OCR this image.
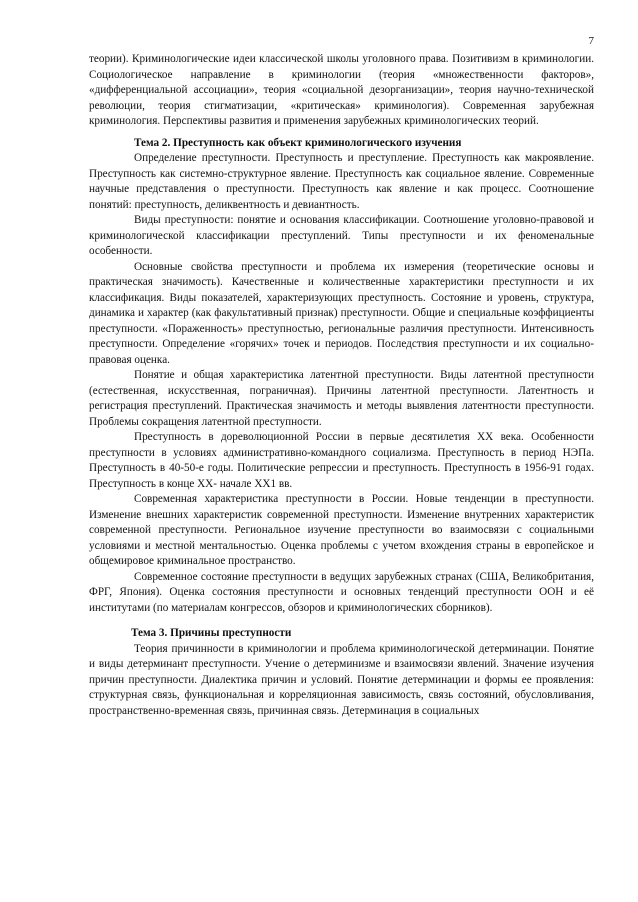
7

теории). Криминологические идеи классической школы уголовного права. Позитивизм в криминологии. Социологическое направление в криминологии (теория «множественности факторов», «дифференциальной ассоциации», теория «социальной дезорганизации», теория научно-технической революции, теория стигматизации, «критическая» криминология). Современная зарубежная криминология. Перспективы развития и применения зарубежных криминологических теорий.

Тема 2. Преступность как объект криминологического изучения

Определение преступности. Преступность и преступление. Преступность как макроявление. Преступность как системно-структурное явление. Преступность как социальное явление. Современные научные представления о преступности. Преступность как явление и как процесс. Соотношение понятий: преступность, деликвентность и девиантность.

Виды преступности: понятие и основания классификации. Соотношение уголовно-правовой и криминологической классификации преступлений. Типы преступности и их феноменальные особенности.

Основные свойства преступности и проблема их измерения (теоретические основы и практическая значимость). Качественные и количественные характеристики преступности и их классификация. Виды показателей, характеризующих преступность. Состояние и уровень, структура, динамика и характер (как факультативный признак) преступности. Общие и специальные коэффициенты преступности. «Пораженность» преступностью, региональные различия преступности. Интенсивность преступности. Определение «горячих» точек и периодов. Последствия преступности и их социально-правовая оценка.

Понятие и общая характеристика латентной преступности. Виды латентной преступности (естественная, искусственная, пограничная). Причины латентной преступности. Латентность и регистрация преступлений. Практическая значимость и методы выявления латентности преступности. Проблемы сокращения латентной преступности.

Преступность в дореволюционной России в первые десятилетия XX века. Особенности преступности в условиях административно-командного социализма. Преступность в период НЭПа. Преступность в 40-50-е годы. Политические репрессии и преступность. Преступность в 1956-91 годах. Преступность в конце XX- начале XX1 вв.

Современная характеристика преступности в России. Новые тенденции в преступности. Изменение внешних характеристик современной преступности. Изменение внутренних характеристик современной преступности. Региональное изучение преступности во взаимосвязи с социальными условиями и местной ментальностью. Оценка проблемы с учетом вхождения страны в европейское и общемировое криминальное пространство.

Современное состояние преступности в ведущих зарубежных странах (США, Великобритания, ФРГ, Япония). Оценка состояния преступности и основных тенденций преступности ООН и её институтами (по материалам конгрессов, обзоров и криминологических сборников).

Тема 3. Причины преступности

Теория причинности в криминологии и проблема криминологической детерминации. Понятие и виды детерминант преступности. Учение о детерминизме и взаимосвязи явлений. Значение изучения причин преступности. Диалектика причин и условий. Понятие детерминации и формы ее проявления: структурная связь, функциональная и корреляционная зависимость, связь состояний, обусловливания, пространственно-временная связь, причинная связь. Детерминация в социальных
